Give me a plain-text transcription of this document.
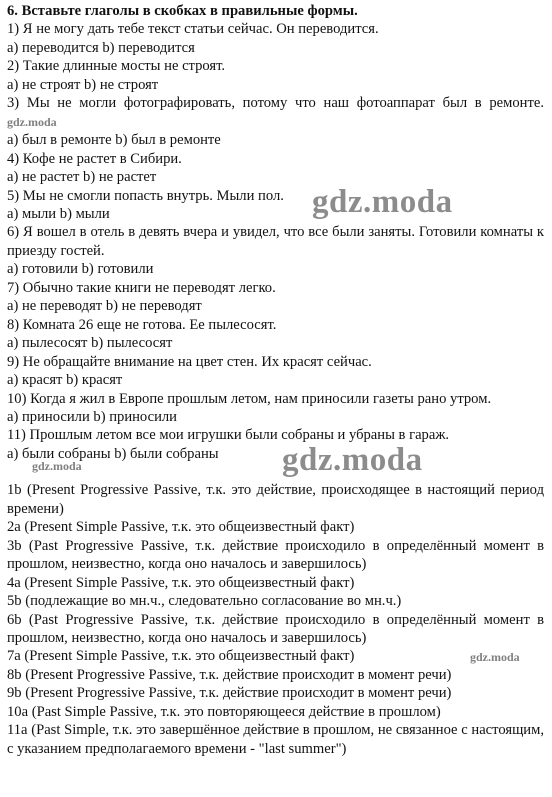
6. Вставьте глаголы в скобках в правильные формы.
1) Я не могу дать тебе текст статьи сейчас. Он переводится.
а) переводится b) переводится
2) Такие длинные мосты не строят.
а) не строят b) не строят
3) Мы не могли фотографировать, потому что наш фотоаппарат был в ремонте. gdz.moda
а) был в ремонте b) был в ремонте
4) Кофе не растет в Сибири.
а) не растет b) не растет
5) Мы не смогли попасть внутрь. Мыли пол.
а) мыли b) мыли
6) Я вошел в отель в девять вчера и увидел, что все были заняты. Готовили комнаты к приезду гостей.
а) готовили b) готовили
7) Обычно такие книги не переводят легко.
а) не переводят b) не переводят
8) Комната 26 еще не готова. Ее пылесосят.
а) пылесосят b) пылесосят
9) Не обращайте внимание на цвет стен. Их красят сейчас.
а) красят b) красят
10) Когда я жил в Европе прошлым летом, нам приносили газеты рано утром.
а) приносили b) приносили
11) Прошлым летом все мои игрушки были собраны и убраны в гараж.
а) были собраны b) были собраны
1b (Present Progressive Passive, т.к. это действие, происходящее в настоящий период времени)
2a (Present Simple Passive, т.к. это общеизвестный факт)
3b (Past Progressive Passive, т.к. действие происходило в определённый момент в прошлом, неизвестно, когда оно началось и завершилось)
4a (Present Simple Passive, т.к. это общеизвестный факт)
5b (подлежащие во мн.ч., следовательно согласование во мн.ч.)
6b (Past Progressive Passive, т.к. действие происходило в определённый момент в прошлом, неизвестно, когда оно началось и завершилось)
7a (Present Simple Passive, т.к. это общеизвестный факт)
8b (Present Progressive Passive, т.к. действие происходит в момент речи)
9b (Present Progressive Passive, т.к. действие происходит в момент речи)
10a (Past Simple Passive, т.к. это повторяющееся действие в прошлом)
11a (Past Simple, т.к. это завершённое действие в прошлом, не связанное с настоящим, с указанием предполагаемого времени - "last summer")
gdz.moda
gdz.moda
gdz.moda
gdz.moda
